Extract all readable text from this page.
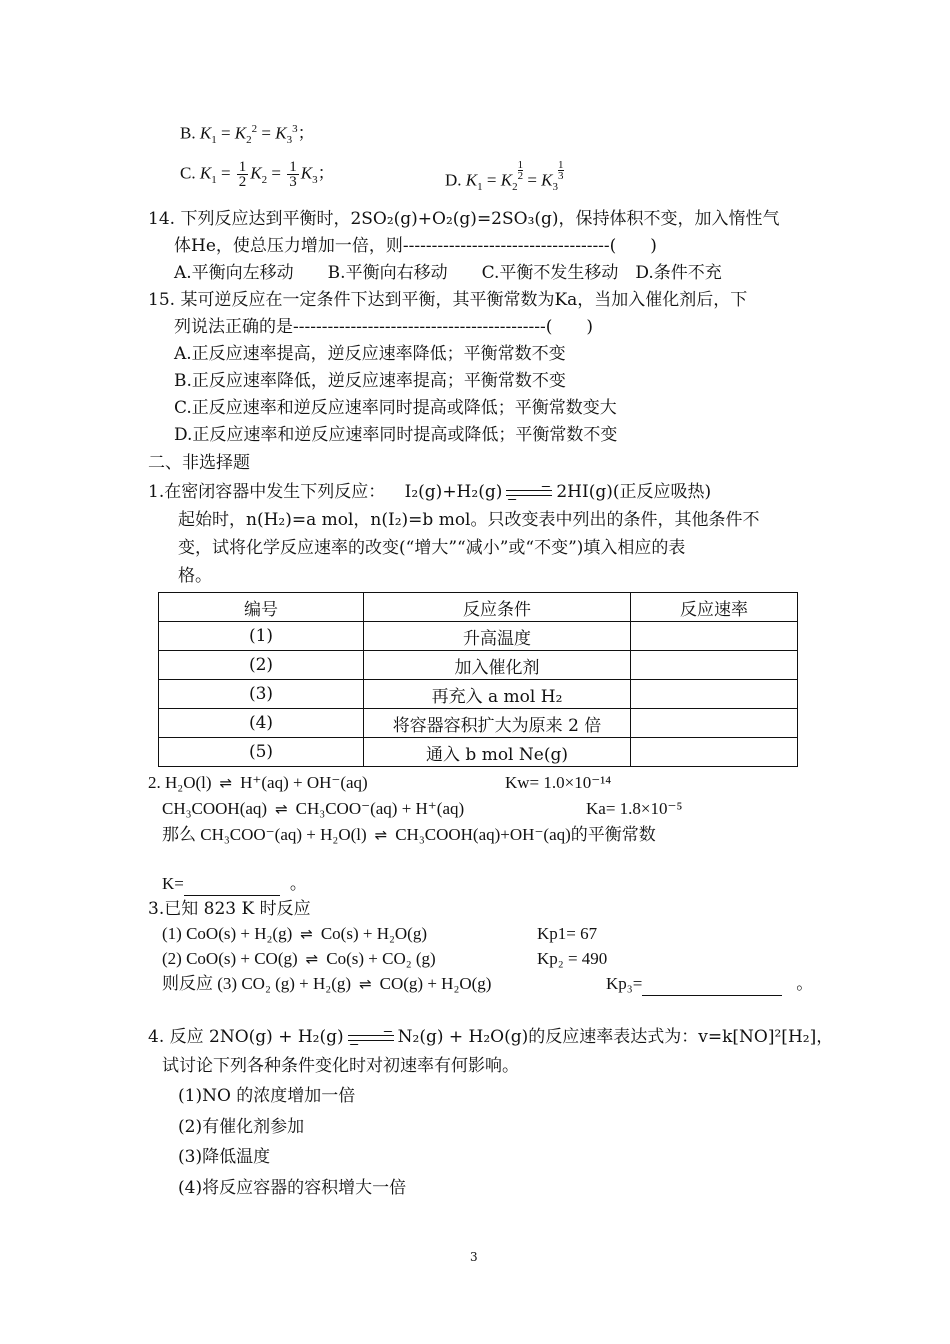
B. $K_1 = K_2^2 = K_3^3$；
C. $K_1 = \frac{1}{2} K_2 = \frac{1}{3} K_3$；	D. $K_1 = K_2$
$\frac{1}{2} = K_3$
$\frac{1}{3}$
14. 下列反应达到平衡时，2SO₂(g)+O₂(g)=2SO₃(g)，保持体积不变，加入惰性气
体He，使总压力增加一倍，则------------------------------------(　　)
A.平衡向左移动　　B.平衡向右移动　　C.平衡不发生移动　D.条件不充
15. 某可逆反应在一定条件下达到平衡，其平衡常数为Ka，当加入催化剂后，下
列说法正确的是--------------------------------------------(　　)
A.正反应速率提高，逆反应速率降低；平衡常数不变
B.正反应速率降低，逆反应速率提高；平衡常数不变
C.正反应速率和逆反应速率同时提高或降低；平衡常数变大
D.正反应速率和逆反应速率同时提高或降低；平衡常数不变
二、非选择题
1.在密闭容器中发生下列反应： I₂(g)+H₂(g) → 2HI(g)(正反应吸热)
起始时，n(H₂)=a mol，n(I₂)=b mol。只改变表中列出的条件，其他条件不
变，试将化学反应速率的改变(“增大”“减小”或“不变”)填入相应的表
格。
编号	反应条件	反应速率
(1)	升高温度	
(2)	加入催化剂	
(3)	再充入 a mol H₂	
(4)	将容器容积扩大为原来 2 倍	
(5)	通入 b mol Ne(g)	
2. H₂O(l) ⇌ H⁺(aq) + OH⁻(aq)	Kw= 1.0×10⁻¹⁴
CH₃COOH(aq) ⇌ CH₃COO⁻(aq) + H⁺(aq)	Ka= 1.8×10⁻⁵
那么 CH₃COO⁻(aq) + H₂O(l) ⇌ CH₃COOH(aq)+OH⁻(aq)的平衡常数
K=	。
3.已知 823 K 时反应
(1) CoO(s) + H₂(g) ⇌ Co(s) + H₂O(g)	Kp1= 67
(2) CoO(s) + CO(g) ⇌ Co(s) + CO₂ (g)	Kp₂ = 490
则反应 (3) CO₂ (g) + H₂(g) ⇌ CO(g) + H₂O(g)	Kp₃=	。
4. 反应 2NO(g) + H₂(g) → N₂(g) + H₂O(g)的反应速率表达式为：v=k[NO]²[H₂]，
试讨论下列各种条件变化时对初速率有何影响。
(1)NO 的浓度增加一倍
(2)有催化剂参加
(3)降低温度
(4)将反应容器的容积增大一倍
3
